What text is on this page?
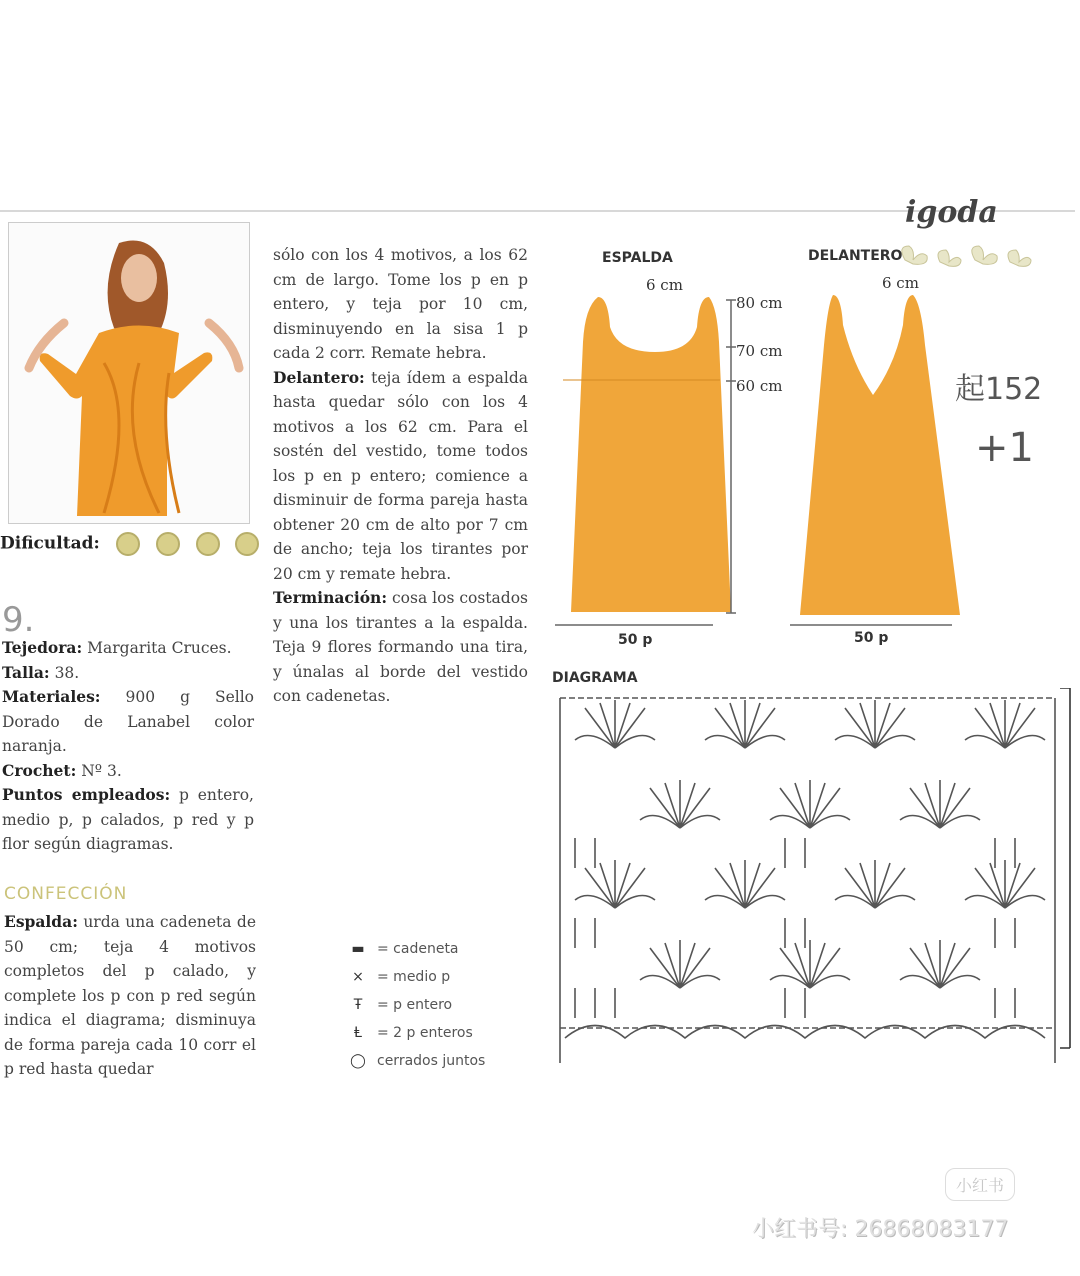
igoda
Dificultad:
9.
Tejedora: Margarita Cruces.
Talla: 38.
Materiales: 900 g Sello Dorado de Lanabel color naranja.
Crochet: Nº 3.
Puntos empleados: p entero, medio p, p calados, p red y p flor según diagramas.
CONFECCIÓN
Espalda: urda una cadeneta de 50 cm; teja 4 motivos completos del p calado, y complete los p con p red según indica el diagrama; disminuya de forma pareja cada 10 corr el p red hasta quedar
sólo con los 4 motivos, a los 62 cm de largo. Tome los p en p entero, y teja por 10 cm, disminuyendo en la sisa 1 p cada 2 corr. Remate hebra.
Delantero: teja ídem a espalda hasta quedar sólo con los 4 motivos a los 62 cm. Para el sostén del vestido, tome todos los p en p entero; comience a disminuir de forma pareja hasta obtener 20 cm de alto por 7 cm de ancho; teja los tirantes por 20 cm y remate hebra.
Terminación: cosa los costados y una los tirantes a la espalda. Teja 9 flores formando una tira, y únalas al borde del vestido con cadenetas.
ESPALDA	DELANTERO
6 cm	6 cm
80 cm
70 cm
60 cm
50 p	50 p
起152
+1
DIAGRAMA
▬ = cadeneta
× = medio p
Ŧ	= p entero
Ⱡ	= 2 p enteros
◯ cerrados juntos
小红书
小红书号: 26868083177
